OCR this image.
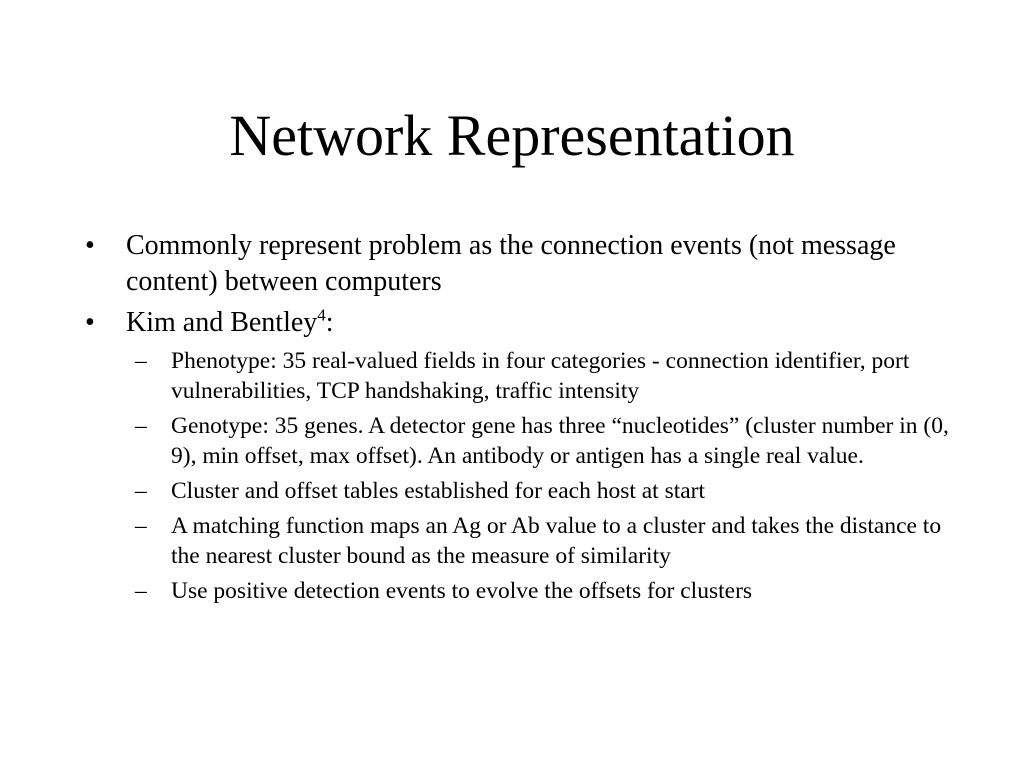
Network Representation
• Commonly represent problem as the connection events (not message content) between computers
• Kim and Bentley$^4$:
– Phenotype: 35 real-valued fields in four categories - connection identifier, port vulnerabilities, TCP handshaking, traffic intensity
– Genotype: 35 genes. A detector gene has three “nucleotides” (cluster number in (0, 9), min offset, max offset). An antibody or antigen has a single real value.
– Cluster and offset tables established for each host at start
– A matching function maps an Ag or Ab value to a cluster and takes the distance to the nearest cluster bound as the measure of similarity
– Use positive detection events to evolve the offsets for clusters
